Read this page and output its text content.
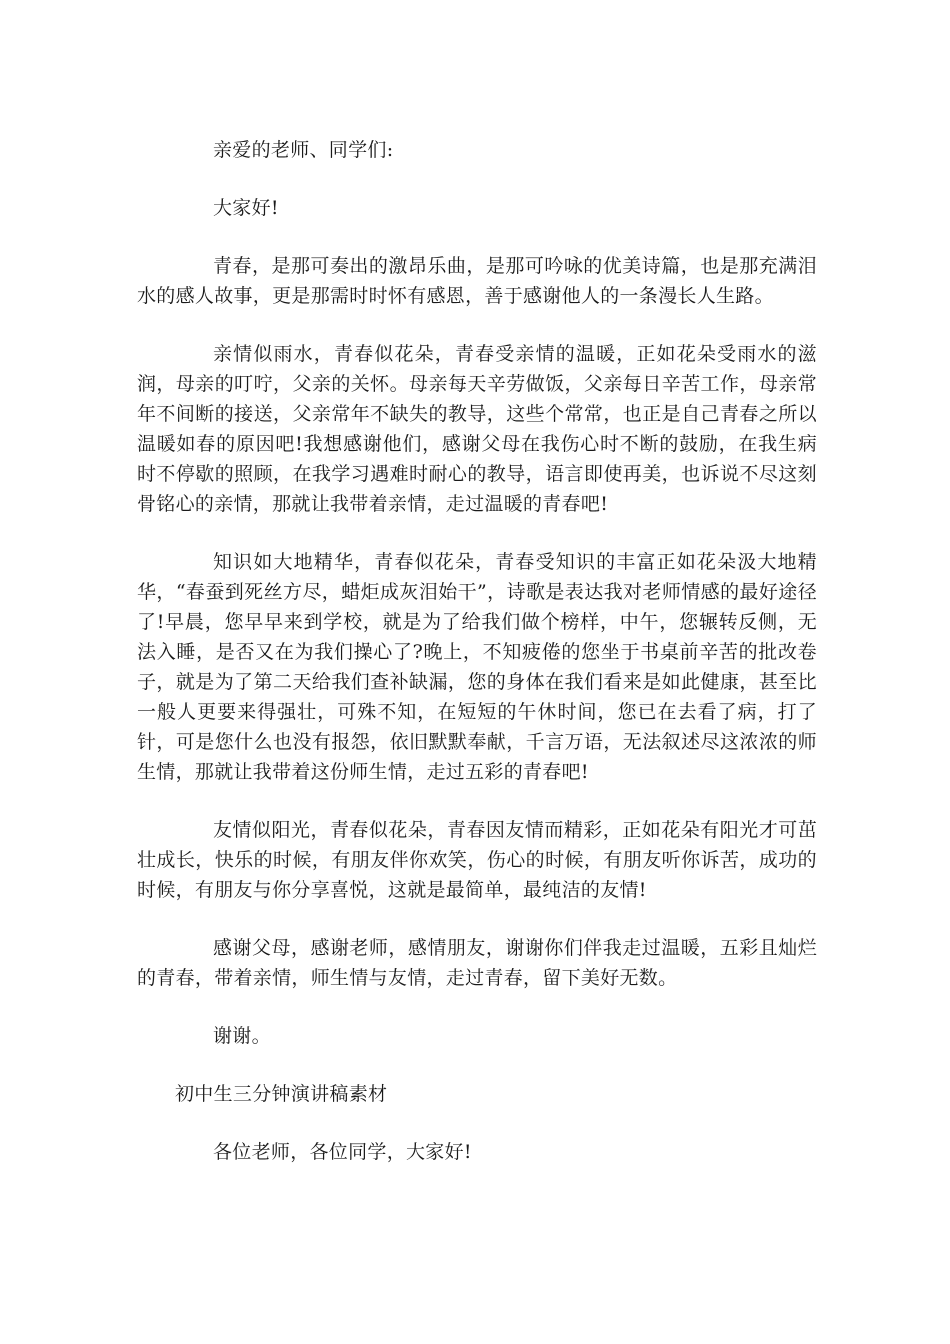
亲爱的老师、同学们:

大家好!

青春，是那可奏出的激昂乐曲，是那可吟咏的优美诗篇，也是那充满泪水的感人故事，更是那需时时怀有感恩，善于感谢他人的一条漫长人生路。

亲情似雨水，青春似花朵，青春受亲情的温暖，正如花朵受雨水的滋润，母亲的叮咛，父亲的关怀。母亲每天辛劳做饭，父亲每日辛苦工作，母亲常年不间断的接送，父亲常年不缺失的教导，这些个常常，也正是自己青春之所以温暖如春的原因吧!我想感谢他们，感谢父母在我伤心时不断的鼓励，在我生病时不停歇的照顾，在我学习遇难时耐心的教导，语言即使再美，也诉说不尽这刻骨铭心的亲情，那就让我带着亲情，走过温暖的青春吧!

知识如大地精华，青春似花朵，青春受知识的丰富正如花朵汲大地精华，“春蚕到死丝方尽，蜡炬成灰泪始干”，诗歌是表达我对老师情感的最好途径了!早晨，您早早来到学校，就是为了给我们做个榜样，中午，您辗转反侧，无法入睡，是否又在为我们操心了?晚上，不知疲倦的您坐于书桌前辛苦的批改卷子，就是为了第二天给我们查补缺漏，您的身体在我们看来是如此健康，甚至比一般人更要来得强壮，可殊不知，在短短的午休时间，您已在去看了病，打了针，可是您什么也没有报怨，依旧默默奉献，千言万语，无法叙述尽这浓浓的师生情，那就让我带着这份师生情，走过五彩的青春吧!

友情似阳光，青春似花朵，青春因友情而精彩，正如花朵有阳光才可茁壮成长，快乐的时候，有朋友伴你欢笑，伤心的时候，有朋友听你诉苦，成功的时候，有朋友与你分享喜悦，这就是最简单，最纯洁的友情!

感谢父母，感谢老师，感情朋友，谢谢你们伴我走过温暖，五彩且灿烂的青春，带着亲情，师生情与友情，走过青春，留下美好无数。

谢谢。

初中生三分钟演讲稿素材

各位老师，各位同学，大家好!
